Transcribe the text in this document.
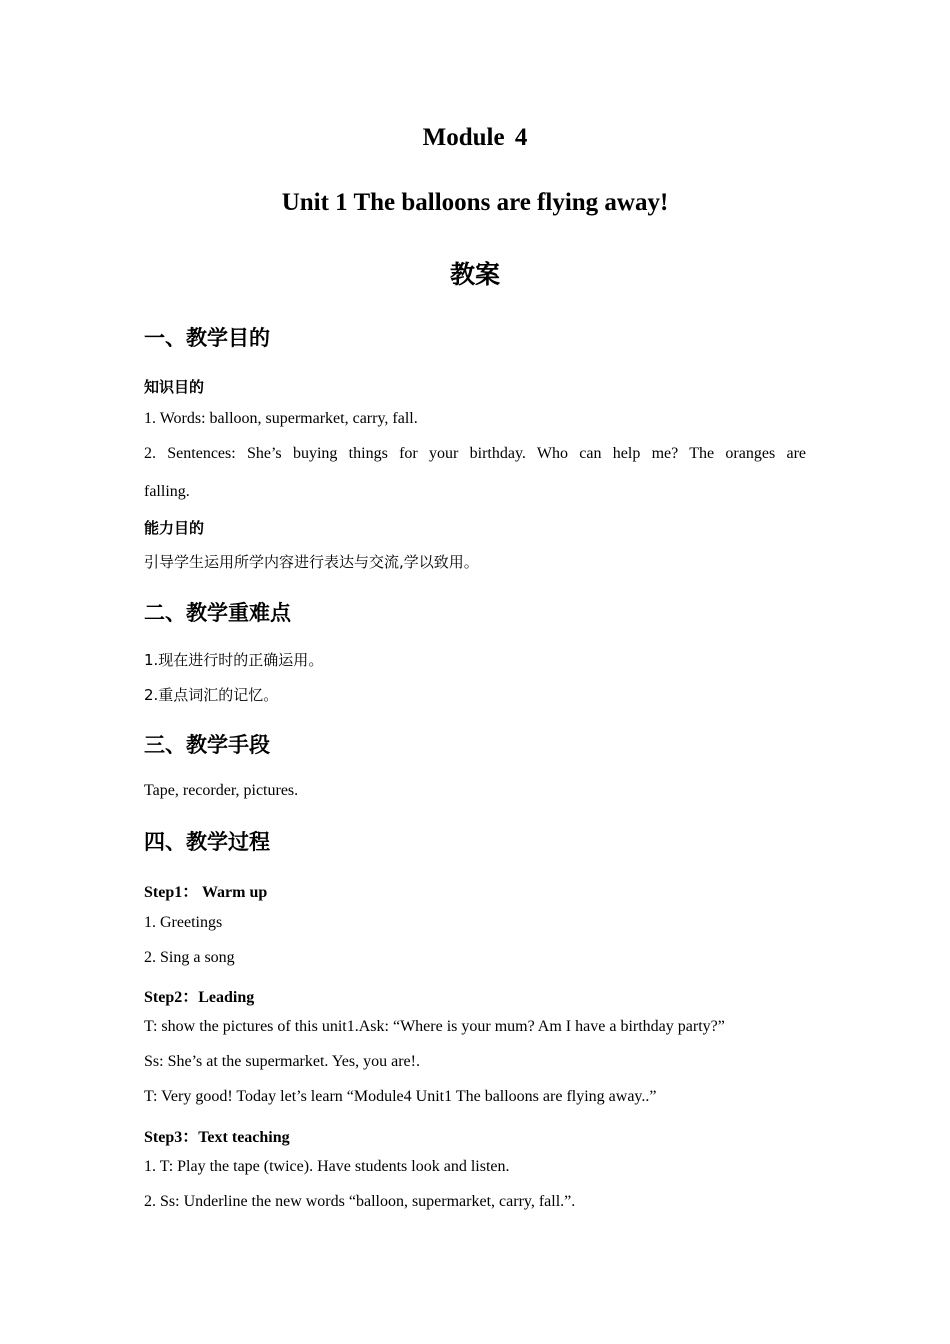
Module 4
Unit 1 The balloons are flying away!
教案
一、教学目的
知识目的
1. Words: balloon, supermarket, carry, fall.
2. Sentences: She’s buying things for your birthday. Who can help me? The oranges are
falling.
能力目的
引导学生运用所学内容进行表达与交流,学以致用。
二、教学重难点
1.现在进行时的正确运用。
2.重点词汇的记忆。
三、教学手段
Tape, recorder, pictures.
四、教学过程
Step1： Warm up
1. Greetings
2. Sing a song
Step2：Leading
T: show the pictures of this unit1.Ask: “Where is your mum? Am I have a birthday party?”
Ss: She’s at the supermarket. Yes, you are!.
T: Very good! Today let’s learn “Module4 Unit1 The balloons are flying away..”
Step3：Text teaching
1. T: Play the tape (twice). Have students look and listen.
2. Ss: Underline the new words “balloon, supermarket, carry, fall.”.
